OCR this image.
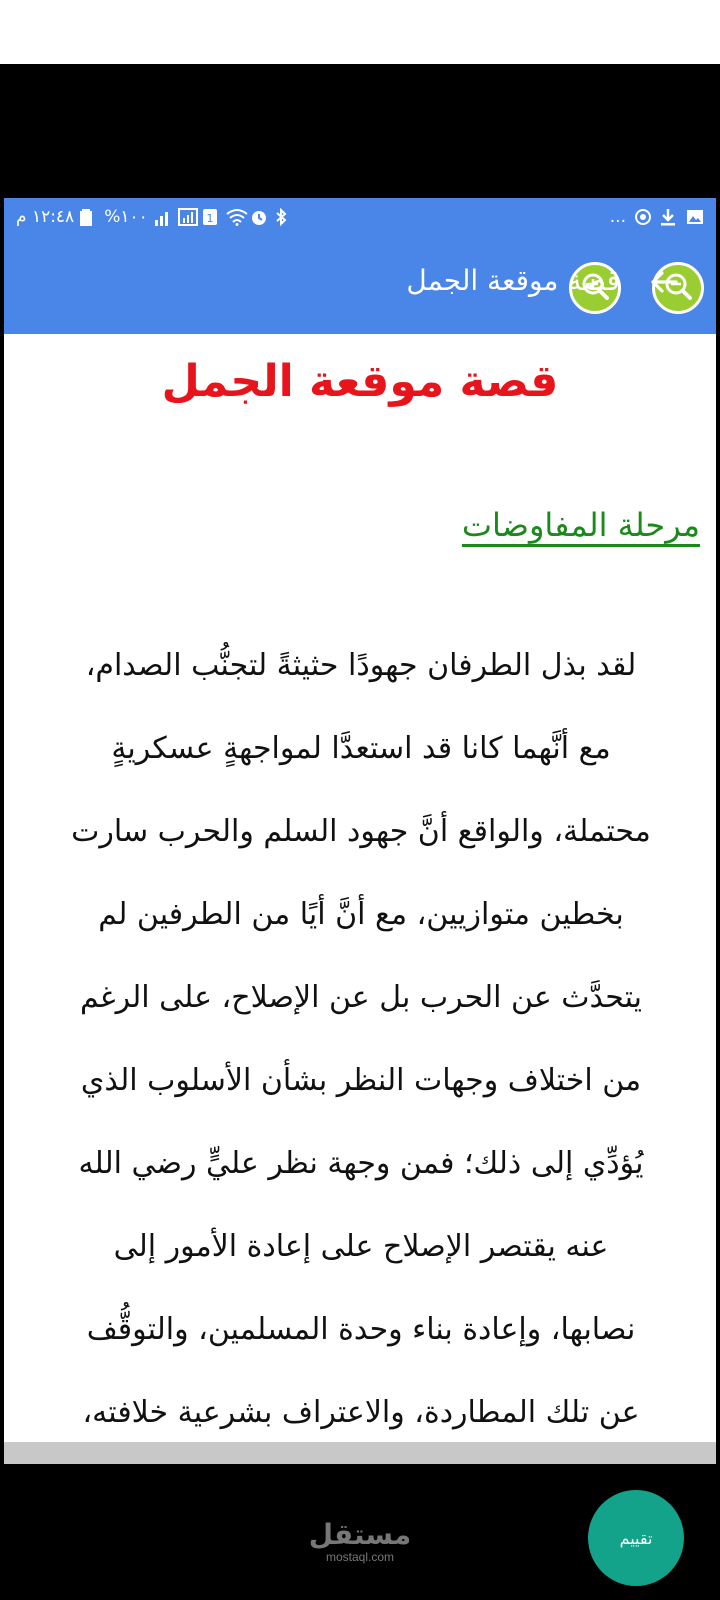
١٢:٤٨ م %١٠٠	1	...
قصة موقعة الجمل
قصة موقعة الجمل
مرحلة المفاوضات
لقد بذل الطرفان جهودًا حثيثةً لتجنُّب الصدام،
مع أنَّهما كانا قد استعدَّا لمواجهةٍ عسكريةٍ
محتملة، والواقع أنَّ جهود السلم والحرب سارت
بخطين متوازيين، مع أنَّ أيًا من الطرفين لم
يتحدَّث عن الحرب بل عن الإصلاح، على الرغم
من اختلاف وجهات النظر بشأن الأسلوب الذي
يُؤدِّي إلى ذلك؛ فمن وجهة نظر عليٍّ رضي الله
عنه يقتصر الإصلاح على إعادة الأمور إلى
نصابها، وإعادة بناء وحدة المسلمين، والتوقُّف
عن تلك المطاردة، والاعتراف بشرعية خلافته،
تقييم
مستقل
mostaql.com
